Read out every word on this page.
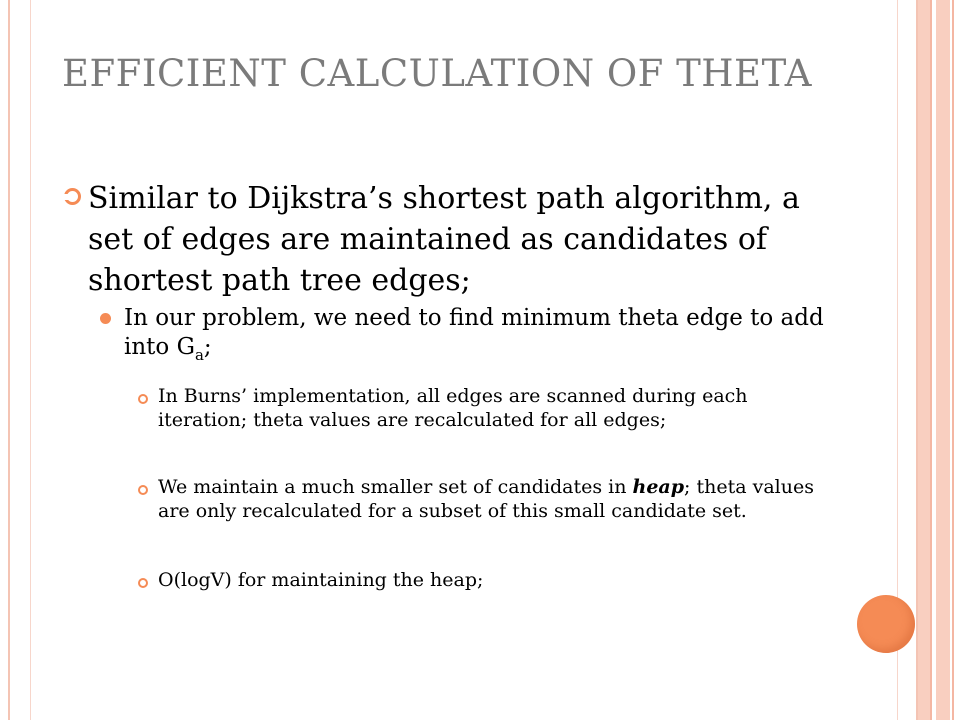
EFFICIENT CALCULATION OF THETA
Similar to Dijkstra’s shortest path algorithm, a set of edges are maintained as candidates of shortest path tree edges;
In our problem, we need to find minimum theta edge to add into $G_a$;
In Burns’ implementation, all edges are scanned during each iteration; theta values are recalculated for all edges;
We maintain a much smaller set of candidates in heap; theta values are only recalculated for a subset of this small candidate set.
O(logV) for maintaining the heap;
